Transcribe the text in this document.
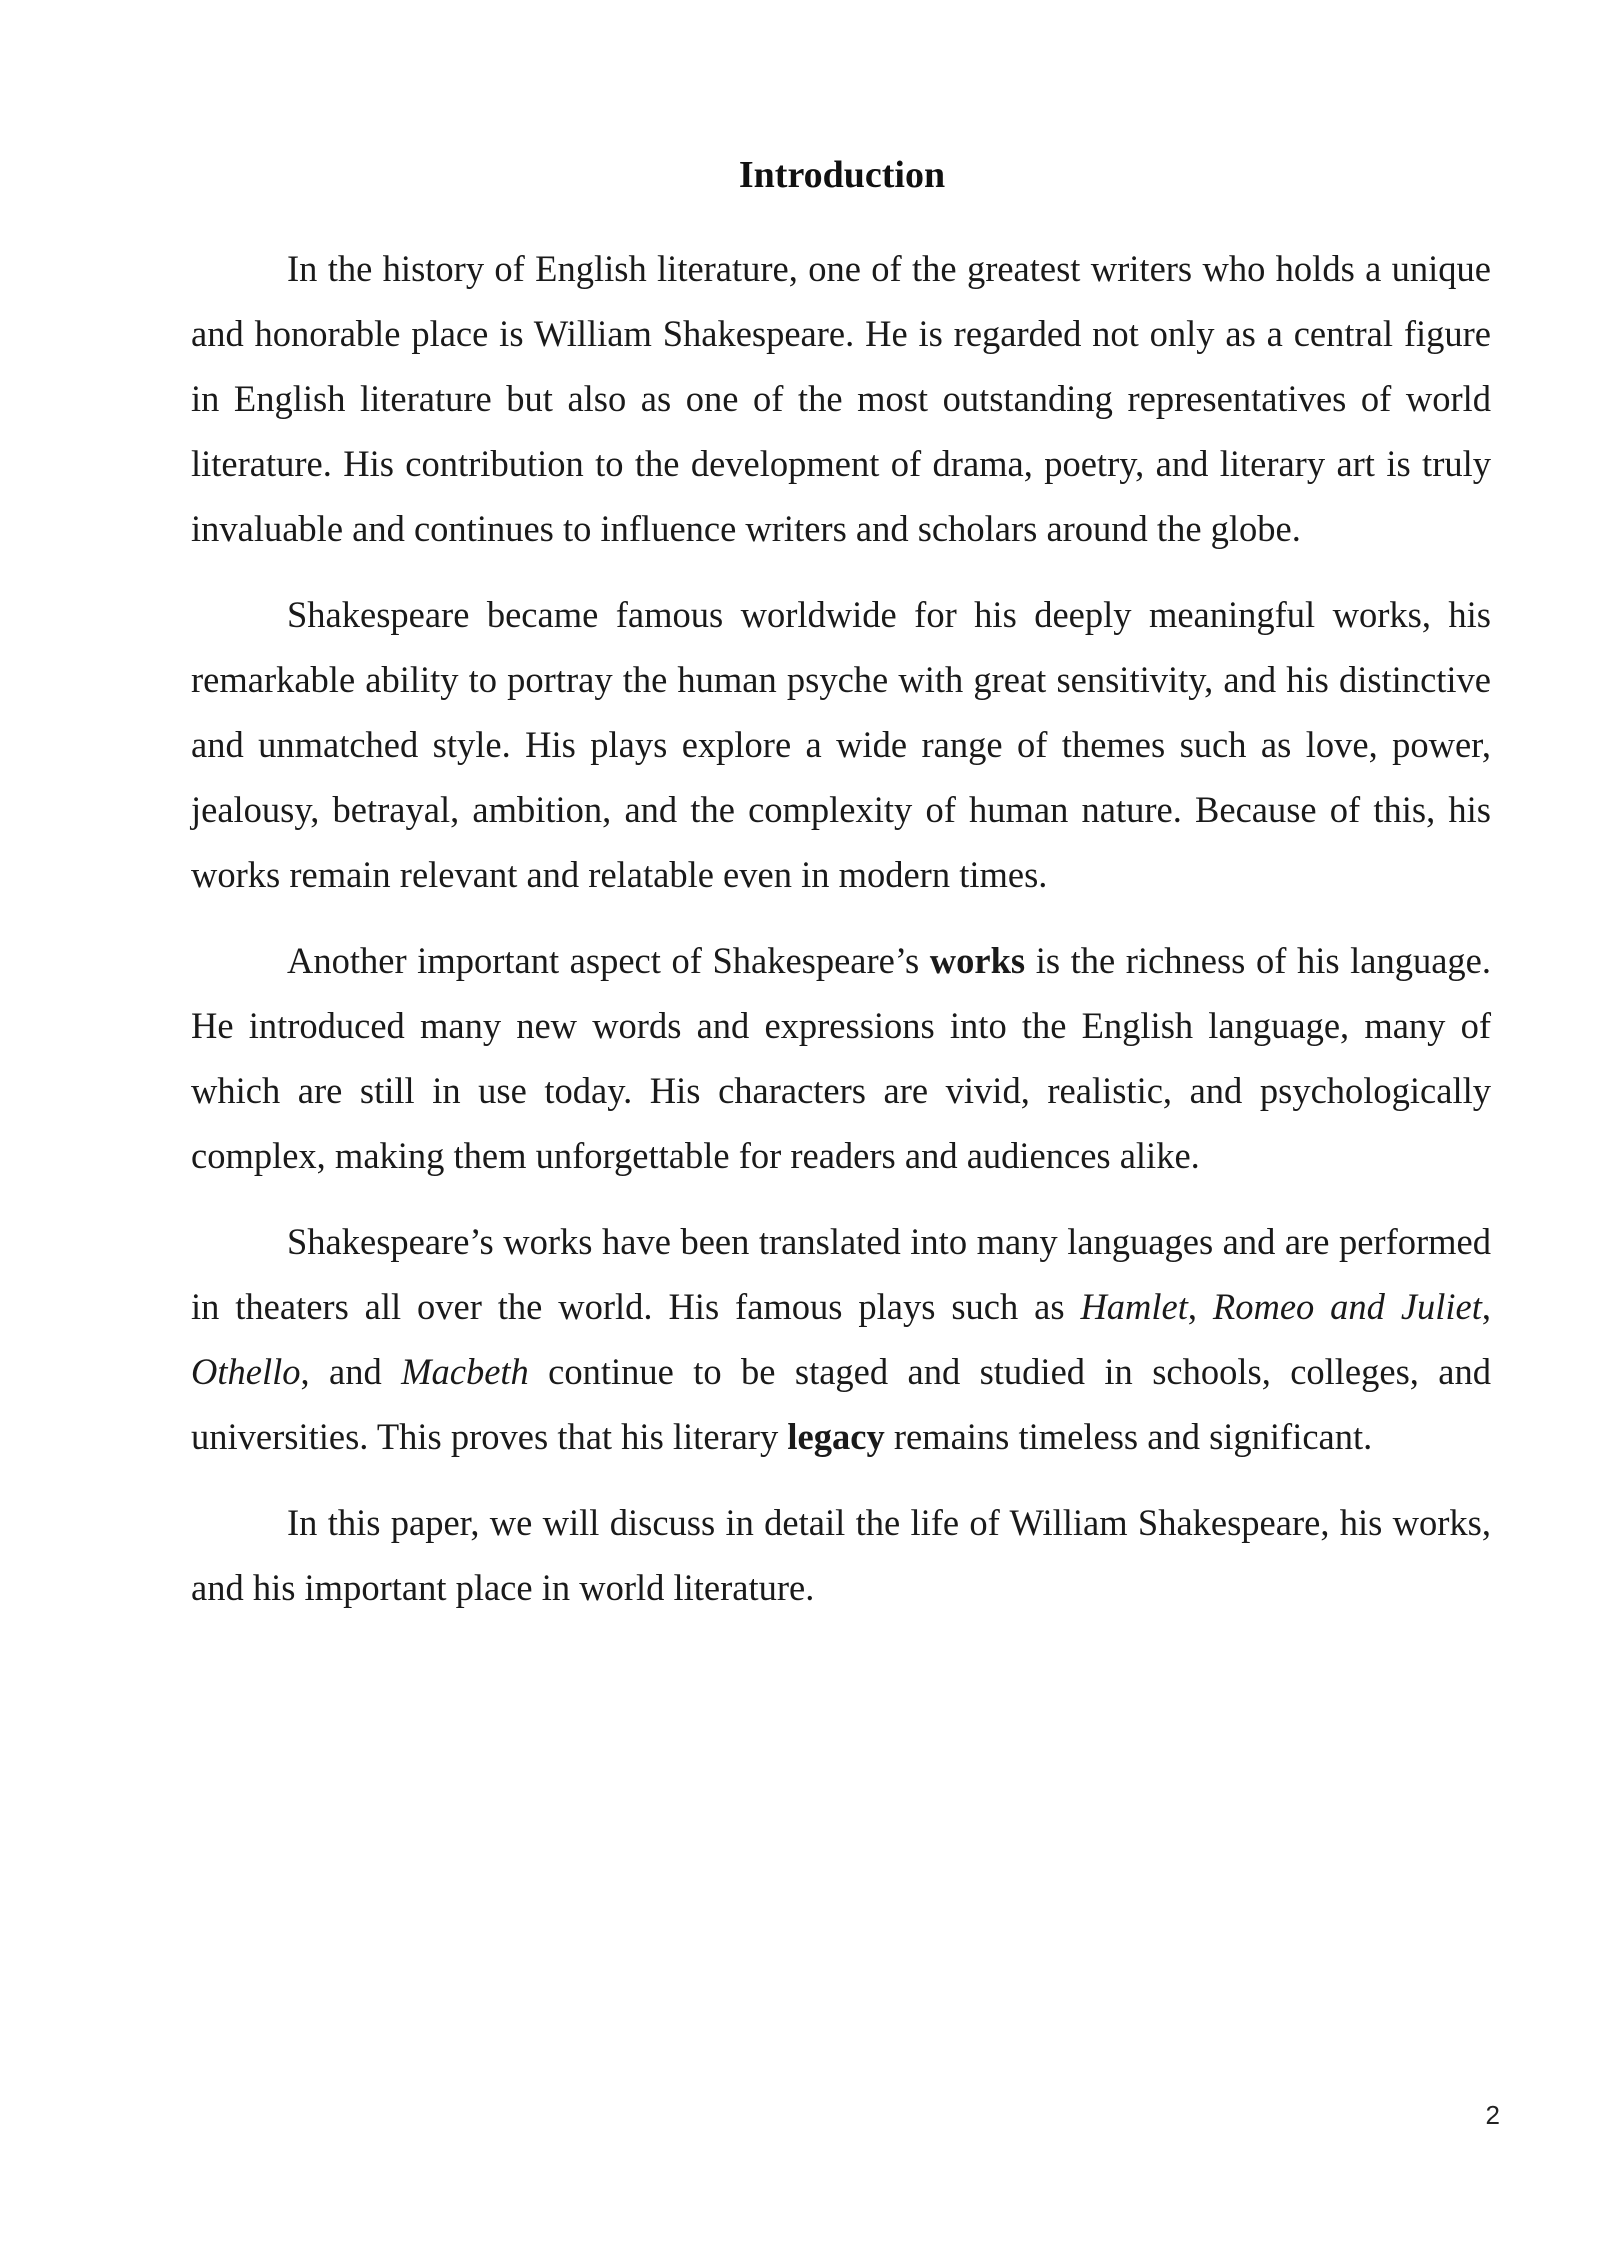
Introduction

In the history of English literature, one of the greatest writers who holds a unique and honorable place is William Shakespeare. He is regarded not only as a central figure in English literature but also as one of the most outstanding representatives of world literature. His contribution to the development of drama, poetry, and literary art is truly invaluable and continues to influence writers and scholars around the globe.

Shakespeare became famous worldwide for his deeply meaningful works, his remarkable ability to portray the human psyche with great sensitivity, and his distinctive and unmatched style. His plays explore a wide range of themes such as love, power, jealousy, betrayal, ambition, and the complexity of human nature. Because of this, his works remain relevant and relatable even in modern times.

Another important aspect of Shakespeare’s works is the richness of his language. He introduced many new words and expressions into the English language, many of which are still in use today. His characters are vivid, realistic, and psychologically complex, making them unforgettable for readers and audiences alike.

Shakespeare’s works have been translated into many languages and are performed in theaters all over the world. His famous plays such as Hamlet, Romeo and Juliet, Othello, and Macbeth continue to be staged and studied in schools, colleges, and universities. This proves that his literary legacy remains timeless and significant.

In this paper, we will discuss in detail the life of William Shakespeare, his works, and his important place in world literature.

2
